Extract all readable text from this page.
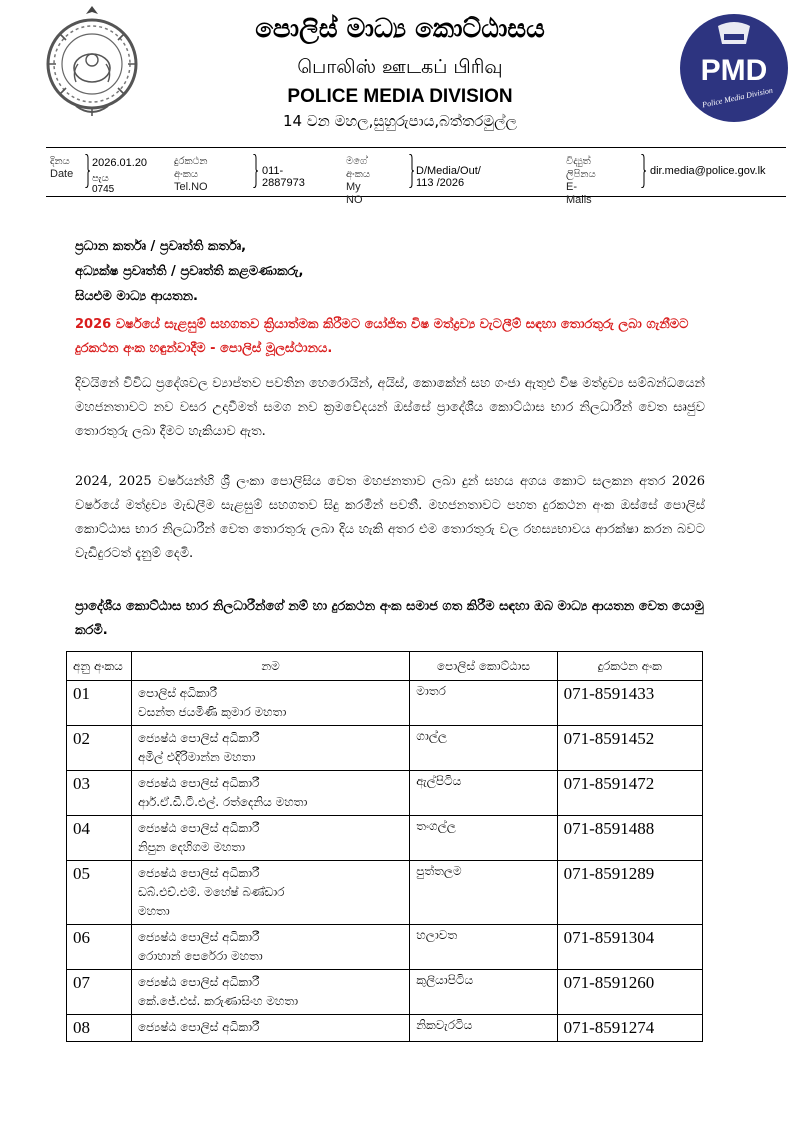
පොලිස් මාධ්‍ය කොට්ඨාසය
பொலிஸ் ஊடகப் பிரிவு
POLICE MEDIA DIVISION
14 වන මහල,සුහුරුපාය,බත්තරමුල්ල
PMD
Police Media Division
දිනය
Date
2026.01.20
පැය 0745
දුරකථන අංකය
Tel.NO
011-2887973
මගේ අංකය
My NO
D/Media/Out/ 113 /2026
විද්‍යුත් ලිපිනය
E-Mails
dir.media@police.gov.lk
ප්‍රධාන කර්තෘ / ප්‍රවෘත්ති කර්තෘ,
අධ්‍යක්ෂ ප්‍රවෘත්ති / ප්‍රවෘත්ති කළමණාකරු,
සියළුම මාධ්‍ය ආයතන.
2026 වර්ෂයේ සැළසුම් සහගතව ක්‍රියාත්මක කිරීමට යෝජිත විෂ මත්ද්‍රව්‍ය වැටලීම් සඳහා තොරතුරු ලබා ගැනීමට දුරකථන අංක හඳුන්වාදීම - පොලිස් මූලස්ථානය.
දිවයිනේ විවිධ ප්‍රදේශවල ව්‍යාප්තව පවතින හෙරොයින්, අයිස්, කොකේන් සහ ගංජා ඇතුළු විෂ මත්ද්‍රව්‍ය සම්බන්ධයෙන් මහජනතාවට නව වසර උදාවීමත් සමග නව ක්‍රමවේදයන් ඔස්සේ ප්‍රාදේශීය කොට්ඨාස භාර නිලධාරීන් වෙත සෘජුව තොරතුරු ලබා දීමට හැකියාව ඇත.
2024, 2025 වර්ෂයන්හි ශ්‍රී ලංකා පොලිසිය වෙත මහජනතාව ලබා දුන් සහය අගය කොට සලකන අතර 2026 වර්ෂයේ මත්ද්‍රව්‍ය මැඩලීම සැළසුම් සහගතව සිදු කරමින් පවතී. මහජනතාවට පහත දුරකථන අංක ඔස්සේ පොලිස් කොට්ඨාස භාර නිලධාරීන් වෙත තොරතුරු ලබා දිය හැකි අතර එම තොරතුරු වල රහස්‍යභාවය ආරක්ෂා කරන බවට වැඩිදුරටත් දැනුම් දෙමි.
ප්‍රාදේශීය කොට්ඨාස භාර නිලධාරීන්ගේ නම් හා දුරකථන අංක සමාජ ගත කිරීම සඳහා ඔබ මාධ්‍ය ආයතන වෙත යොමු කරමි.
අනු අංකය	නම	පොලිස් කොට්ඨාස	දුරකථන අංක
01	පොලිස් අධිකාරී
වසන්ත ජයමිණි කුමාර මහතා	මාතර	071-8591433
02	ජ්‍යෙෂ්ඨ පොලිස් අධිකාරී
අමිල් එදිරිමාන්න මහතා	ගාල්ල	071-8591452
03	ජ්‍යෙෂ්ඨ පොලිස් අධිකාරී
ආර්.ඒ.ඩී.ටී.එල්. රත්දෙනිය මහතා	ඇල්පිටිය	071-8591472
04	ජ්‍යෙෂ්ඨ පොලිස් අධිකාරී
නිපුන දෙහිගම මහතා	තංගල්ල	071-8591488
05	ජ්‍යෙෂ්ඨ පොලිස් අධිකාරී
ඩබ්.එච්.එම්. මහේෂ් බණ්ඩාර
මහතා	පුත්තලම	071-8591289
06	ජ්‍යෙෂ්ඨ පොලිස් අධිකාරී
රොහාන් පෙරේරා මහතා	හලාවත	071-8591304
07	ජ්‍යෙෂ්ඨ පොලිස් අධිකාරී
කේ.ජේ.එස්. කරුණාසිංහ මහතා	කුලියාපිටිය	071-8591260
08	ජ්‍යෙෂ්ඨ පොලිස් අධිකාරී	නිකවැරටිය	071-8591274
